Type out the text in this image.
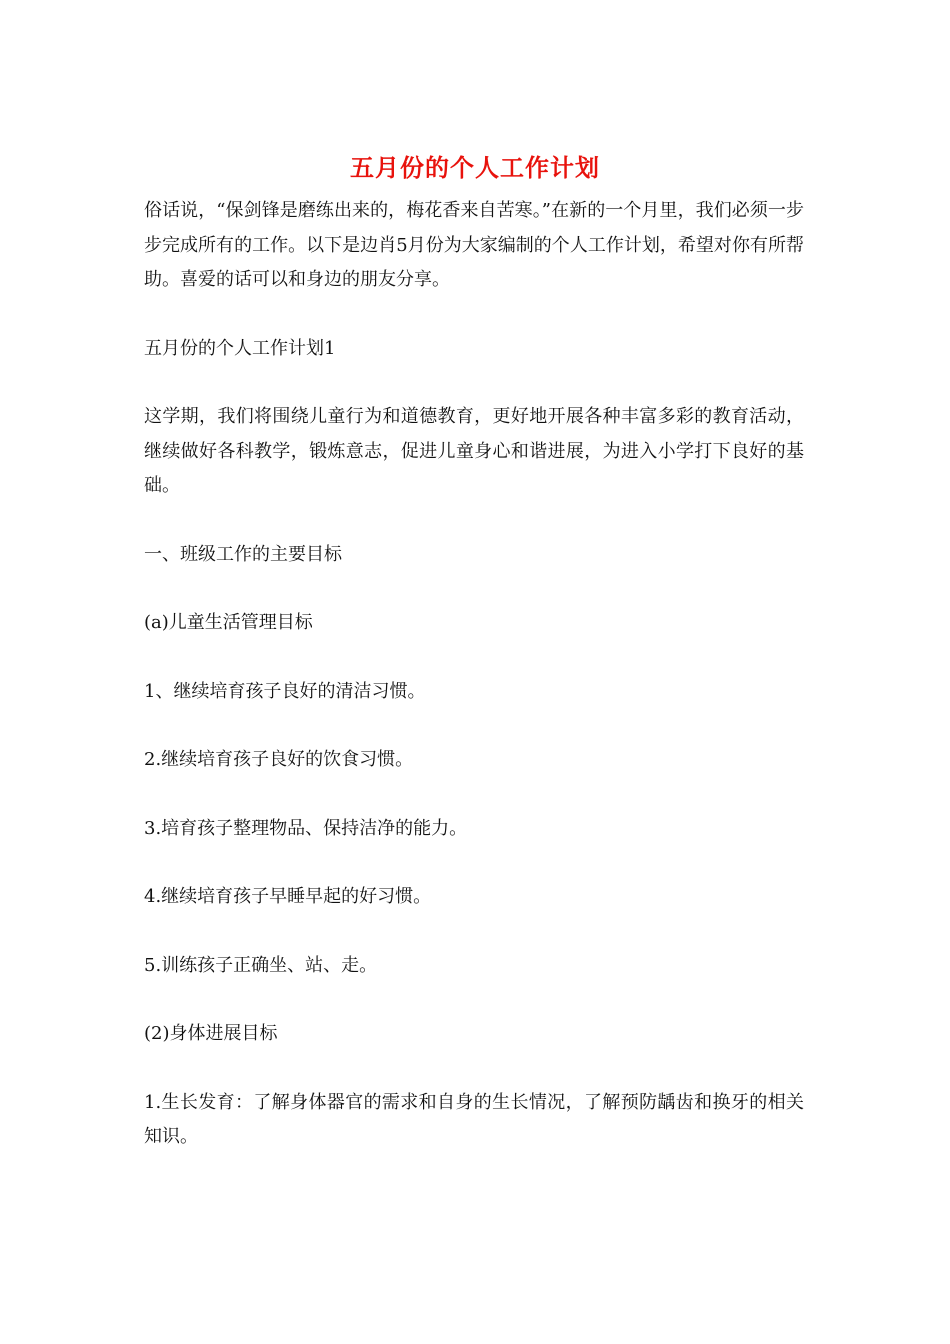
五月份的个人工作计划

俗话说，“保剑锋是磨练出来的，梅花香来自苦寒。”在新的一个月里，我们必须一步步完成所有的工作。以下是边肖5月份为大家编制的个人工作计划，希望对你有所帮助。喜爱的话可以和身边的朋友分享。

五月份的个人工作计划1

这学期，我们将围绕儿童行为和道德教育，更好地开展各种丰富多彩的教育活动，继续做好各科教学，锻炼意志，促进儿童身心和谐进展，为进入小学打下良好的基础。

一、班级工作的主要目标

(a)儿童生活管理目标

1、继续培育孩子良好的清洁习惯。

2.继续培育孩子良好的饮食习惯。

3.培育孩子整理物品、保持洁净的能力。

4.继续培育孩子早睡早起的好习惯。

5.训练孩子正确坐、站、走。

(2)身体进展目标

1.生长发育：了解身体器官的需求和自身的生长情况，了解预防龋齿和换牙的相关知识。
